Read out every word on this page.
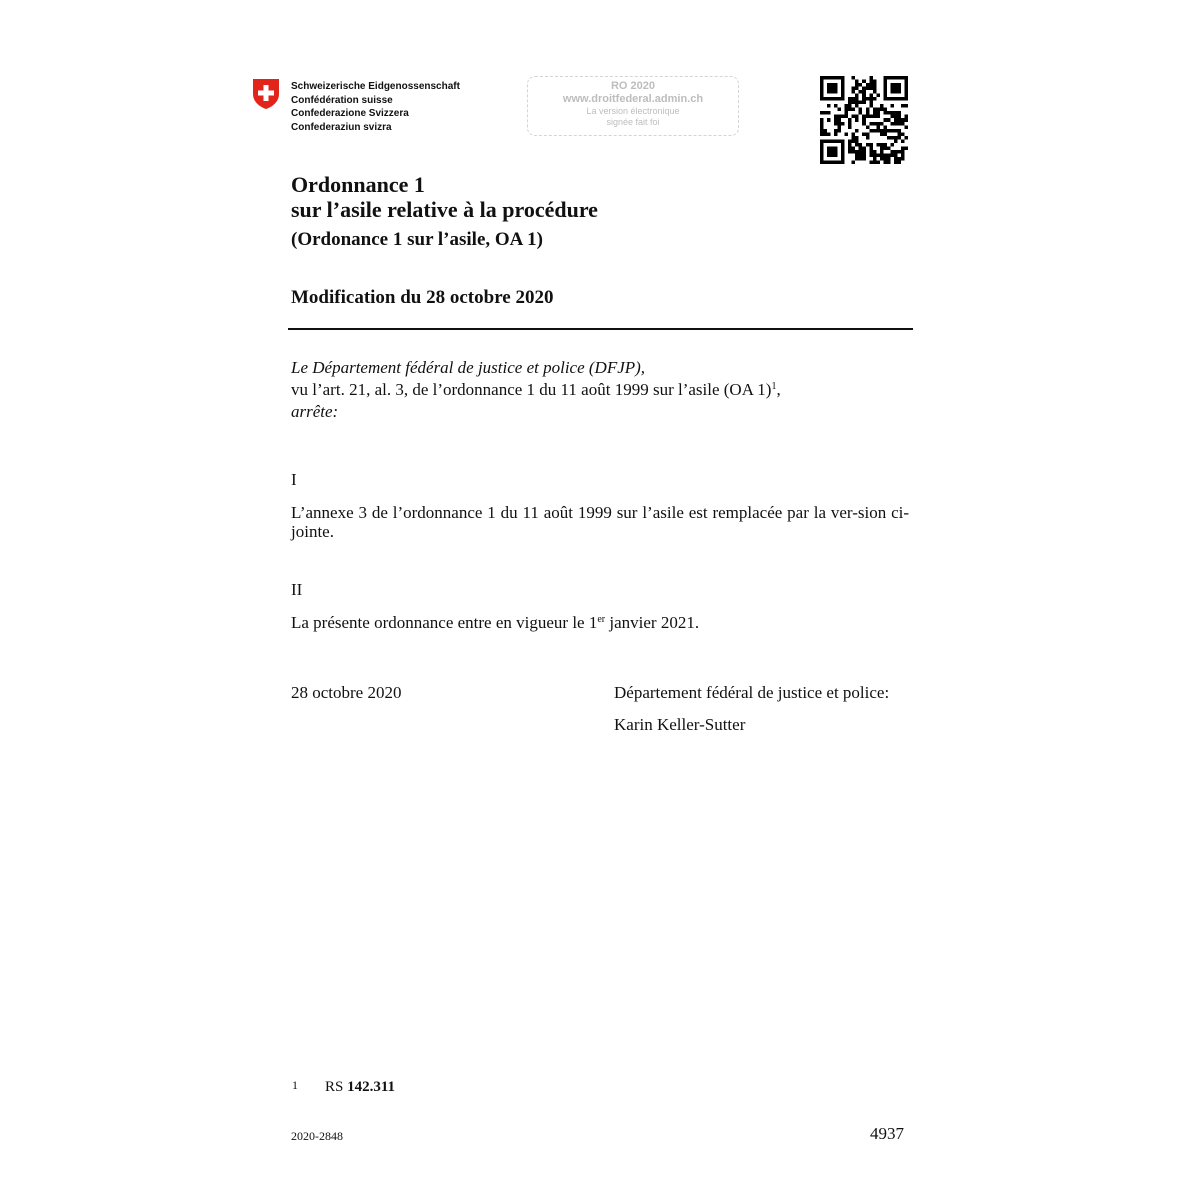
Schweizerische Eidgenossenschaft
Confédération suisse
Confederazione Svizzera
Confederaziun svizra
RO 2020
www.droitfederal.admin.ch
La version électronique
signée fait foi
Ordonnance 1
sur l’asile relative à la procédure
(Ordonance 1 sur l’asile, OA 1)
Modification du 28 octobre 2020
Le Département fédéral de justice et police (DFJP),
vu l’art. 21, al. 3, de l’ordonnance 1 du 11 août 1999 sur l’asile (OA 1)$^1$,
arrête:
I
L’annexe 3 de l’ordonnance 1 du 11 août 1999 sur l’asile est remplacée par la ver-sion ci-jointe.
II
La présente ordonnance entre en vigueur le 1er janvier 2021.
28 octobre 2020	Département fédéral de justice et police:
Karin Keller-Sutter
1 RS 142.311
2020-2848	4937
